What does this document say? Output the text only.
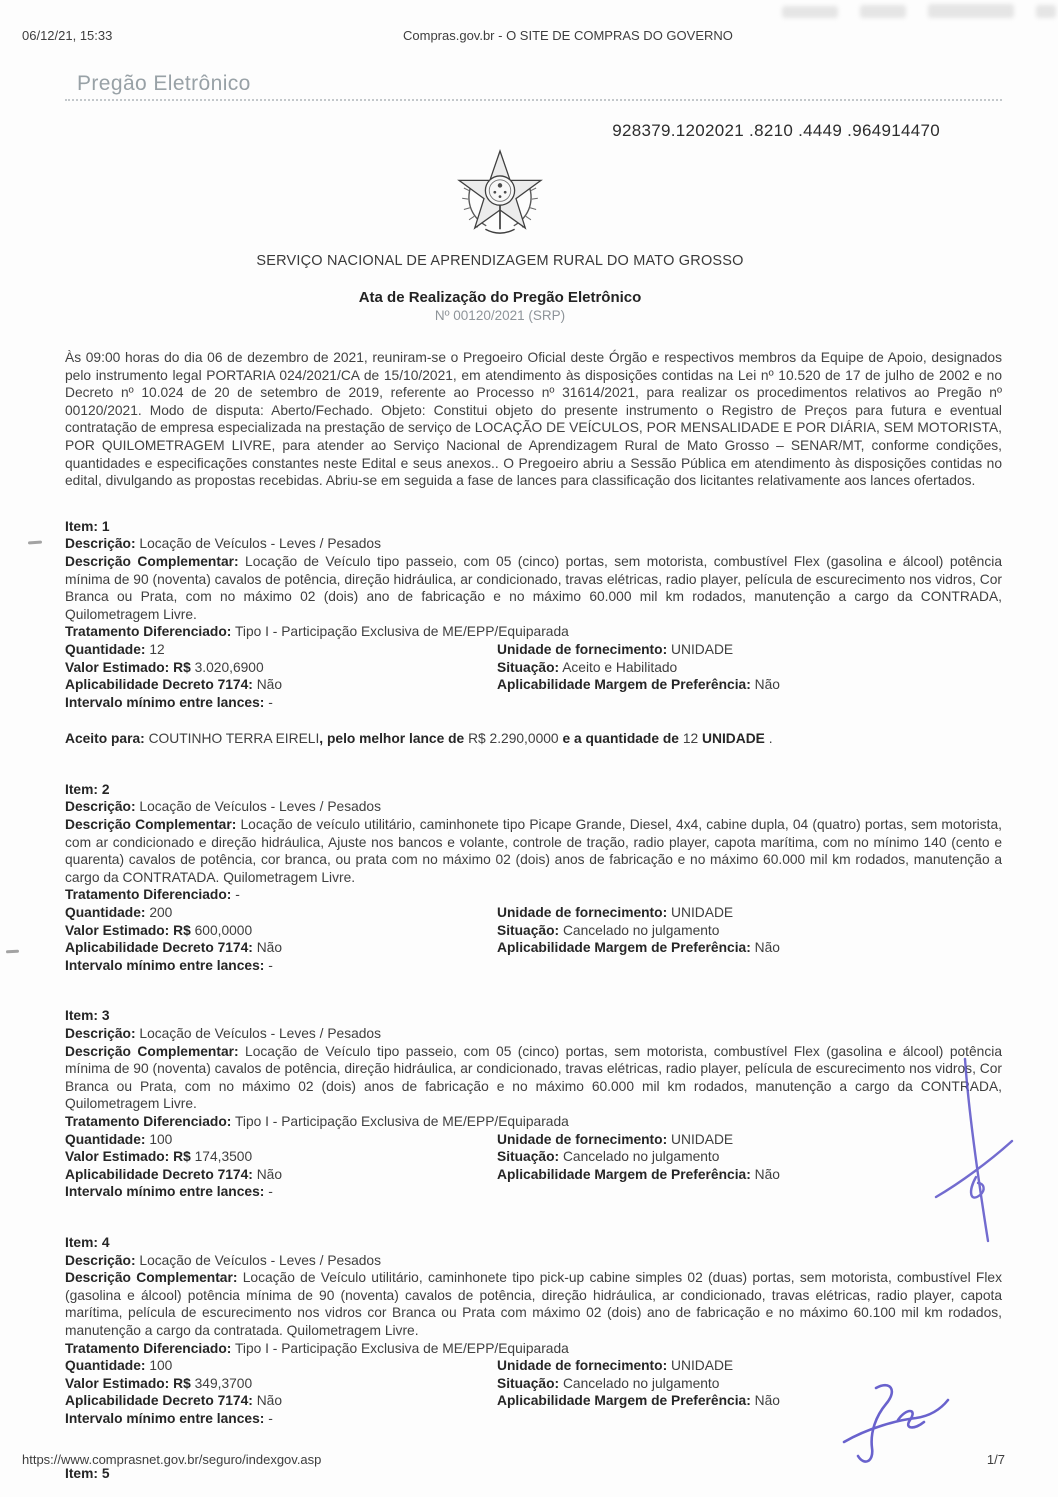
06/12/21, 15:33	Compras.gov.br - O SITE DE COMPRAS DO GOVERNO
Pregão Eletrônico
928379.1202021 .8210 .4449 .964914470
SERVIÇO NACIONAL DE APRENDIZAGEM RURAL DO MATO GROSSO
Ata de Realização do Pregão Eletrônico
Nº 00120/2021 (SRP)

Às 09:00 horas do dia 06 de dezembro de 2021, reuniram-se o Pregoeiro Oficial deste Órgão e respectivos membros da Equipe de Apoio, designados pelo instrumento legal PORTARIA 024/2021/CA de 15/10/2021, em atendimento às disposições contidas na Lei nº 10.520 de 17 de julho de 2002 e no Decreto nº 10.024 de 20 de setembro de 2019, referente ao Processo nº 31614/2021, para realizar os procedimentos relativos ao Pregão nº 00120/2021. Modo de disputa: Aberto/Fechado. Objeto: Constitui objeto do presente instrumento o Registro de Preços para futura e eventual contratação de empresa especializada na prestação de serviço de LOCAÇÃO DE VEÍCULOS, POR MENSALIDADE E POR DIÁRIA, SEM MOTORISTA, POR QUILOMETRAGEM LIVRE, para atender ao Serviço Nacional de Aprendizagem Rural de Mato Grosso – SENAR/MT, conforme condições, quantidades e especificações constantes neste Edital e seus anexos.. O Pregoeiro abriu a Sessão Pública em atendimento às disposições contidas no edital, divulgando as propostas recebidas. Abriu-se em seguida a fase de lances para classificação dos licitantes relativamente aos lances ofertados.

Item: 1
Descrição: Locação de Veículos - Leves / Pesados

Descrição Complementar: Locação de Veículo tipo passeio, com 05 (cinco) portas, sem motorista, combustível Flex (gasolina e álcool) potência mínima de 90 (noventa) cavalos de potência, direção hidráulica, ar condicionado, travas elétricas, radio player, película de escurecimento nos vidros, Cor Branca ou Prata, com no máximo 02 (dois) ano de fabricação e no máximo 60.000 mil km rodados, manutenção a cargo da CONTRADA, Quilometragem Livre.

Tratamento Diferenciado: Tipo I - Participação Exclusiva de ME/EPP/Equiparada
Quantidade: 12
Valor Estimado: R$ 3.020,6900
Aplicabilidade Decreto 7174: Não
Intervalo mínimo entre lances: -
Unidade de fornecimento: UNIDADE
Situação: Aceito e Habilitado
Aplicabilidade Margem de Preferência: Não

Aceito para: COUTINHO TERRA EIRELI, pelo melhor lance de R$ 2.290,0000 e a quantidade de 12 UNIDADE .

Item: 2
Descrição: Locação de Veículos - Leves / Pesados

Descrição Complementar: Locação de veículo utilitário, caminhonete tipo Picape Grande, Diesel, 4x4, cabine dupla, 04 (quatro) portas, sem motorista, com ar condicionado e direção hidráulica, Ajuste nos bancos e volante, controle de tração, radio player, capota marítima, com no mínimo 140 (cento e quarenta) cavalos de potência, cor branca, ou prata com no máximo 02 (dois) anos de fabricação e no máximo 60.000 mil km rodados, manutenção a cargo da CONTRATADA. Quilometragem Livre.

Tratamento Diferenciado: -
Quantidade: 200
Valor Estimado: R$ 600,0000
Aplicabilidade Decreto 7174: Não
Intervalo mínimo entre lances: -
Unidade de fornecimento: UNIDADE
Situação: Cancelado no julgamento
Aplicabilidade Margem de Preferência: Não
Item: 3
Descrição: Locação de Veículos - Leves / Pesados

Descrição Complementar: Locação de Veículo tipo passeio, com 05 (cinco) portas, sem motorista, combustível Flex (gasolina e álcool) potência mínima de 90 (noventa) cavalos de potência, direção hidráulica, ar condicionado, travas elétricas, radio player, película de escurecimento nos vidros, Cor Branca ou Prata, com no máximo 02 (dois) anos de fabricação e no máximo 60.000 mil km rodados, manutenção a cargo da CONTRADA, Quilometragem Livre.

Tratamento Diferenciado: Tipo I - Participação Exclusiva de ME/EPP/Equiparada
Quantidade: 100
Valor Estimado: R$ 174,3500
Aplicabilidade Decreto 7174: Não
Intervalo mínimo entre lances: -
Unidade de fornecimento: UNIDADE
Situação: Cancelado no julgamento
Aplicabilidade Margem de Preferência: Não
Item: 4
Descrição: Locação de Veículos - Leves / Pesados

Descrição Complementar: Locação de Veículo utilitário, caminhonete tipo pick-up cabine simples 02 (duas) portas, sem motorista, combustível Flex (gasolina e álcool) potência mínima de 90 (noventa) cavalos de potência, direção hidráulica, ar condicionado, travas elétricas, radio player, capota marítima, película de escurecimento nos vidros cor Branca ou Prata com máximo 02 (dois) ano de fabricação e no máximo 60.100 mil km rodados, manutenção a cargo da contratada. Quilometragem Livre.

Tratamento Diferenciado: Tipo I - Participação Exclusiva de ME/EPP/Equiparada
Quantidade: 100
Valor Estimado: R$ 349,3700
Aplicabilidade Decreto 7174: Não
Intervalo mínimo entre lances: -
Unidade de fornecimento: UNIDADE
Situação: Cancelado no julgamento
Aplicabilidade Margem de Preferência: Não
Item: 5
https://www.comprasnet.gov.br/seguro/indexgov.asp	1/7
